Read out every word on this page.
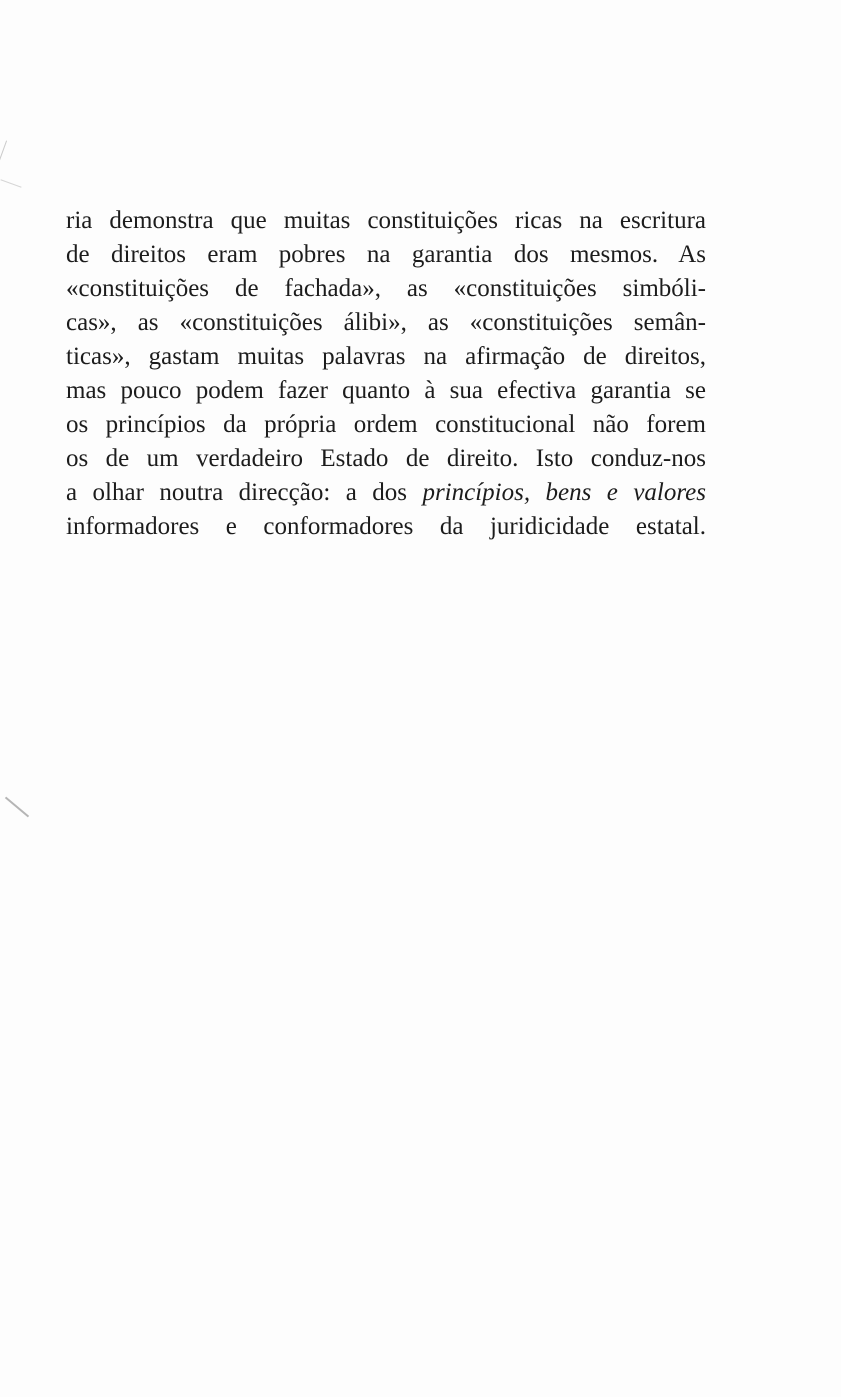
ria demonstra que muitas constituições ricas na escritura
de direitos eram pobres na garantia dos mesmos. As
«constituições de fachada», as «constituições simbóli-
cas», as «constituições álibi», as «constituições semân-
ticas», gastam muitas palavras na afirmação de direitos,
mas pouco podem fazer quanto à sua efectiva garantia se
os princípios da própria ordem constitucional não forem
os de um verdadeiro Estado de direito. Isto conduz-nos
a olhar noutra direcção: a dos princípios, bens e valores
informadores e conformadores da juridicidade estatal.
